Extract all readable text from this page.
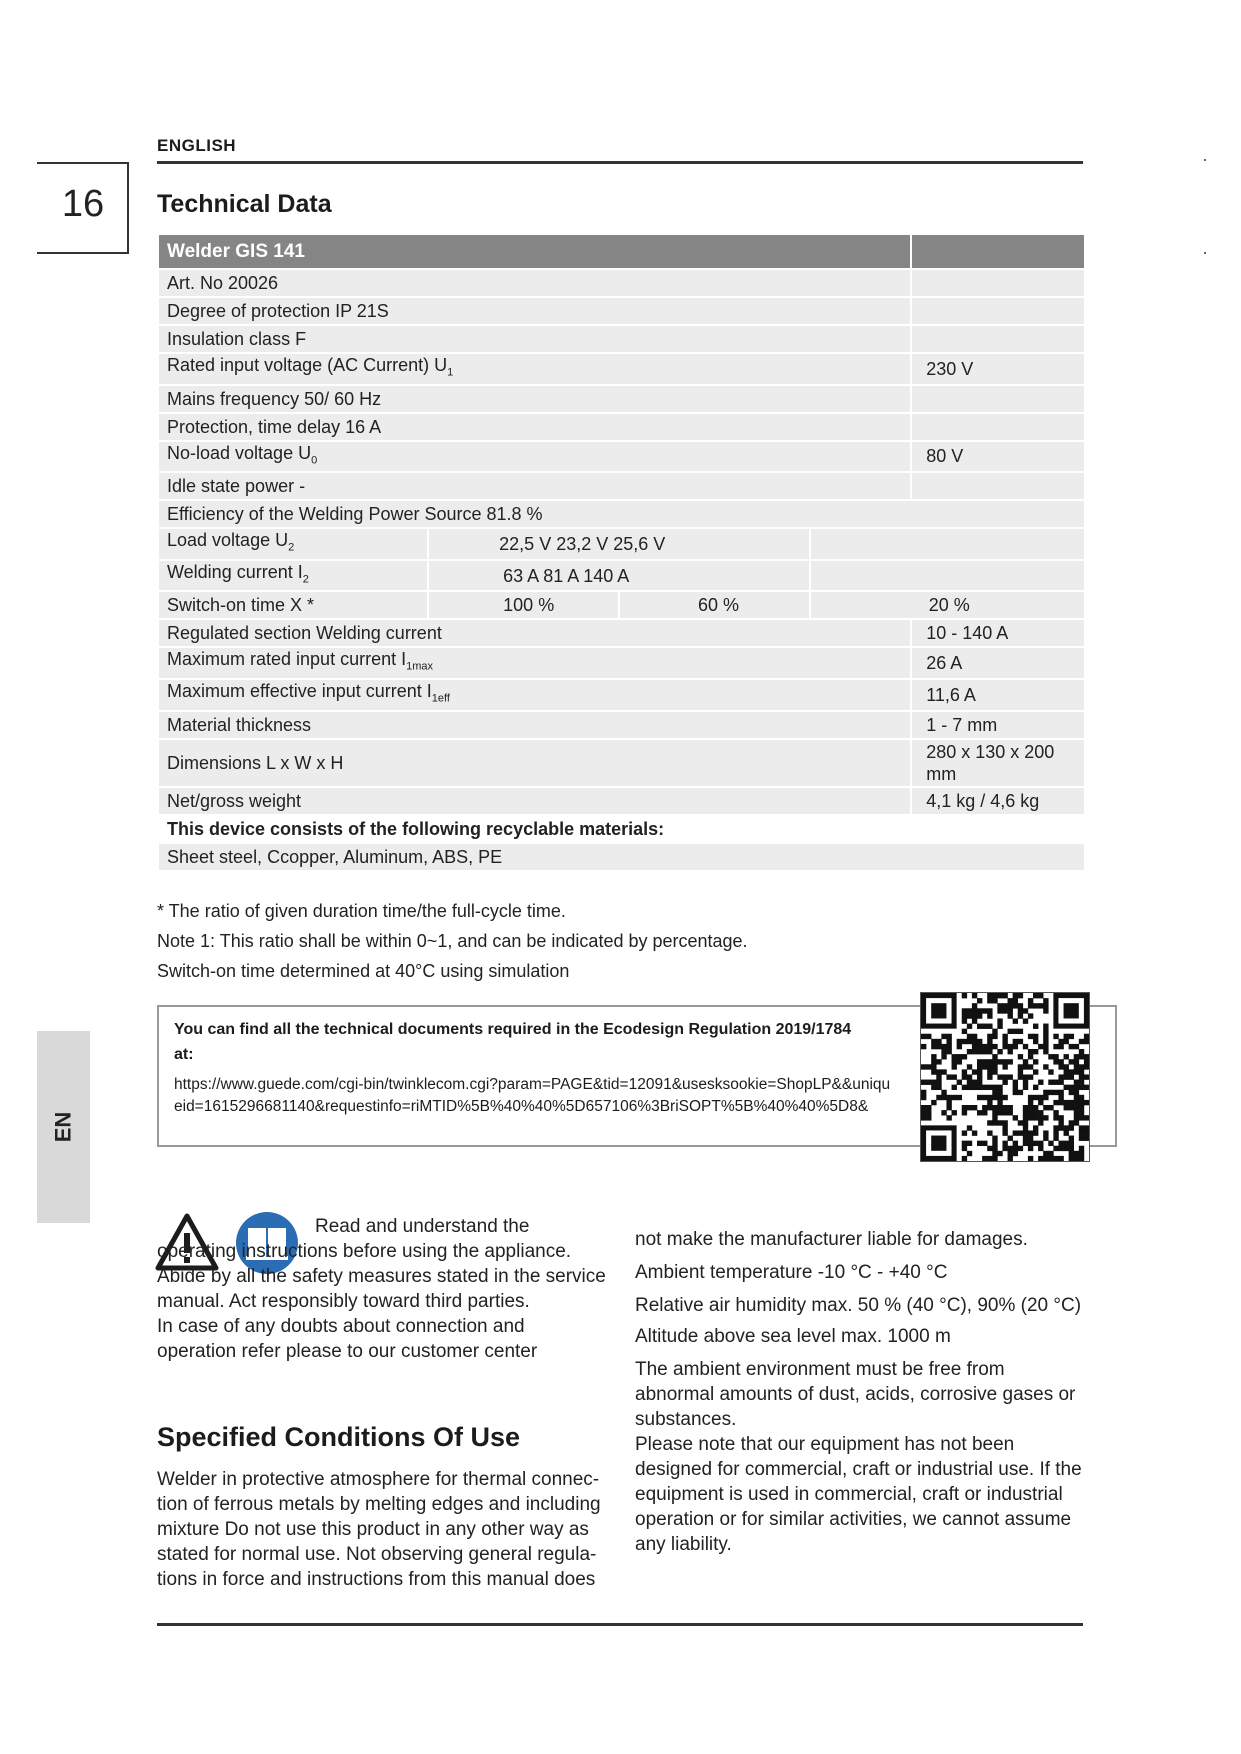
ENGLISH
16	Technical Data
Welder GIS 141				
Art. No 20026				
Degree of protection IP 21S				
Insulation class F				
Rated input voltage (AC Current) $U_1$				230 V
Mains frequency 50/ 60 Hz				
Protection, time delay 16 A				
No-load voltage $U_0$				80 V
Idle state power -				
Efficiency of the Welding Power Source 81.8 %				
Load voltage $U_2$	22,5 V 23,2 V 25,6 V			
Welding current $I_2$	63 A 81 A 140 A			
Switch-on time X *	100 %	60 %	20 %	
Regulated section Welding current				10 - 140 A
Maximum rated input current $I_{1max}$				26 A
Maximum effective input current $I_{1eff}$				11,6 A
Material thickness				1 - 7 mm
Dimensions L x W x H				280 x 130 x 200 mm
Net/gross weight				4,1 kg / 4,6 kg
This device consists of the following recyclable materials:				
Sheet steel, Ccopper, Aluminum, ABS, PE				
* The ratio of given duration time/the full-cycle time.
Note 1: This ratio shall be within 0~1, and can be indicated by percentage.
Switch-on time determined at 40°C using simulation
You can find all the technical documents required in the Ecodesign Regulation 2019/1784 at:
https://www.guede.com/cgi-bin/twinklecom.cgi?param=PAGE&tid=12091&usesksookie=ShopLP&&uniqueid=1615296681140&requestinfo=riMTID%5B%40%40%5D657106%3BriSOPT%5B%40%40%5D8&
EN

Read and understand the operating instructions before using the appliance. Abide by all the safety measures stated in the service manual. Act responsibly toward third parties.

In case of any doubts about connection and operation refer please to our customer center

Specified Conditions Of Use
Welder in protective atmosphere for thermal connec-tion of ferrous metals by melting edges and including mixture Do not use this product in any other way as stated for normal use. Not observing general regula-tions in force and instructions from this manual does

not make the manufacturer liable for damages.

Ambient temperature -10 °C - +40 °C

Relative air humidity max. 50 % (40 °C), 90% (20 °C)

Altitude above sea level max. 1000 m

The ambient environment must be free from abnormal amounts of dust, acids, corrosive gases or substances.

Please note that our equipment has not been designed for commercial, craft or industrial use. If the equipment is used in commercial, craft or industrial operation or for similar activities, we cannot assume any liability.
